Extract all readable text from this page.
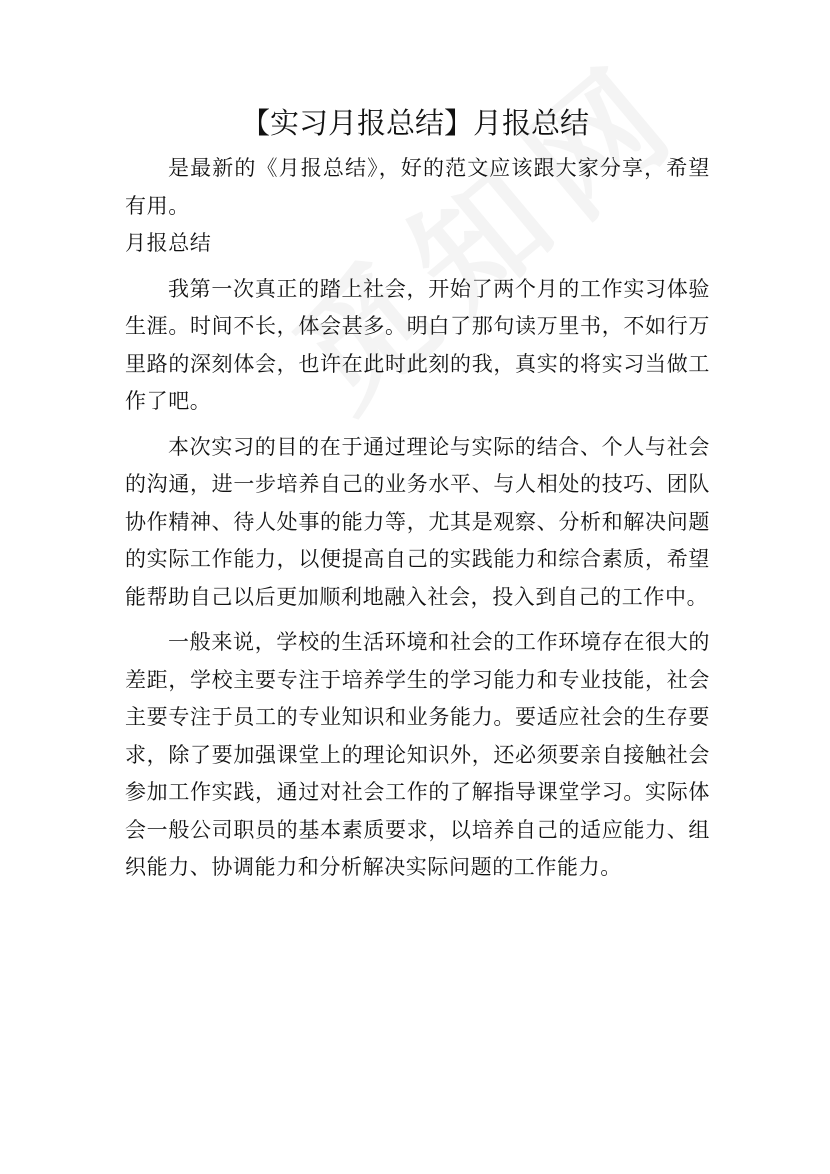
【实习月报总结】月报总结

是最新的《月报总结》，好的范文应该跟大家分享，希望有用。

月报总结

我第一次真正的踏上社会，开始了两个月的工作实习体验生涯。时间不长，体会甚多。明白了那句读万里书，不如行万里路的深刻体会，也许在此时此刻的我，真实的将实习当做工作了吧。

本次实习的目的在于通过理论与实际的结合、个人与社会的沟通，进一步培养自己的业务水平、与人相处的技巧、团队协作精神、待人处事的能力等，尤其是观察、分析和解决问题的实际工作能力，以便提高自己的实践能力和综合素质，希望能帮助自己以后更加顺利地融入社会，投入到自己的工作中。

一般来说，学校的生活环境和社会的工作环境存在很大的差距，学校主要专注于培养学生的学习能力和专业技能，社会主要专注于员工的专业知识和业务能力。要适应社会的生存要求，除了要加强课堂上的理论知识外，还必须要亲自接触社会参加工作实践，通过对社会工作的了解指导课堂学习。实际体会一般公司职员的基本素质要求，以培养自己的适应能力、组织能力、协调能力和分析解决实际问题的工作能力。
